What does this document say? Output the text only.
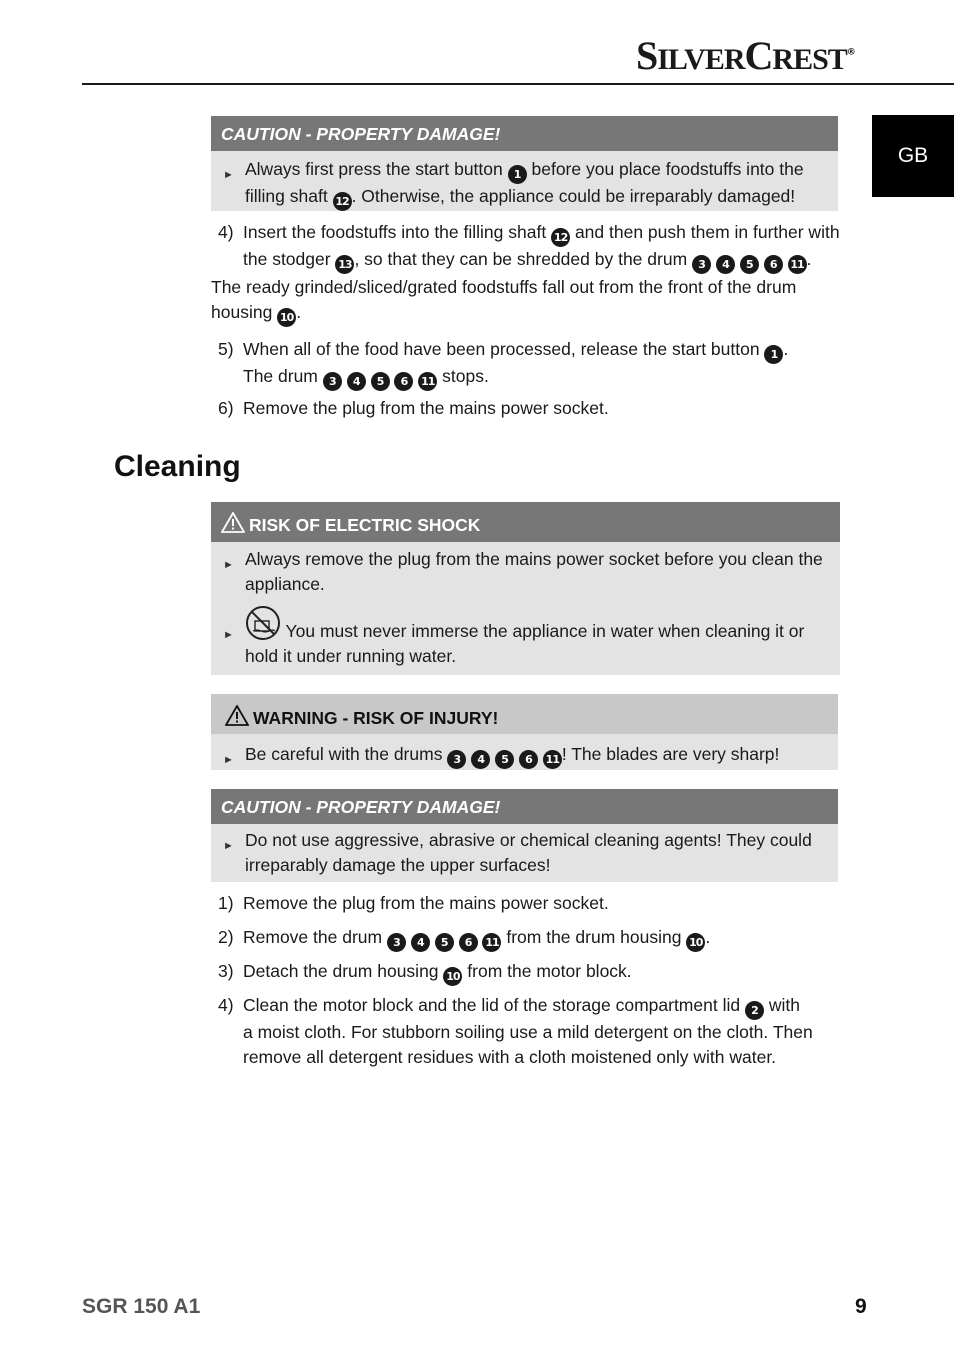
SILVERCREST®
GB
CAUTION - PROPERTY DAMAGE!
► Always first press the start button 1 before you place foodstuffs into the
filling shaft 12 . Otherwise, the appliance could be irreparably damaged!
4) Insert the foodstuffs into the filling shaft 12 and then push them in further with
the stodger 13 , so that they can be shredded by the drum 3 4 5 6 11 .
The ready grinded/sliced/grated foodstuffs fall out from the front of the drum
housing 10 .
5) When all of the food have been processed, release the start button 1 .
The drum 3 4 5 6 11 stops.
6) Remove the plug from the mains power socket.
Cleaning
RISK OF ELECTRIC SHOCK
► Always remove the plug from the mains power socket before you clean the
appliance.
►	You must never immerse the appliance in water when cleaning it or
hold it under running water.
WARNING - RISK OF INJURY!
► Be careful with the drums 3 4 5 6 11 ! The blades are very sharp!
CAUTION - PROPERTY DAMAGE!
► Do not use aggressive, abrasive or chemical cleaning agents! They could
irreparably damage the upper surfaces!
1) Remove the plug from the mains power socket.
2) Remove the drum 3 4 5 6 11 from the drum housing 10 .
3) Detach the drum housing 10 from the motor block.
4) Clean the motor block and the lid of the storage compartment lid 2 with
a moist cloth. For stubborn soiling use a mild detergent on the cloth. Then
remove all detergent residues with a cloth moistened only with water.
SGR 150 A1	9
